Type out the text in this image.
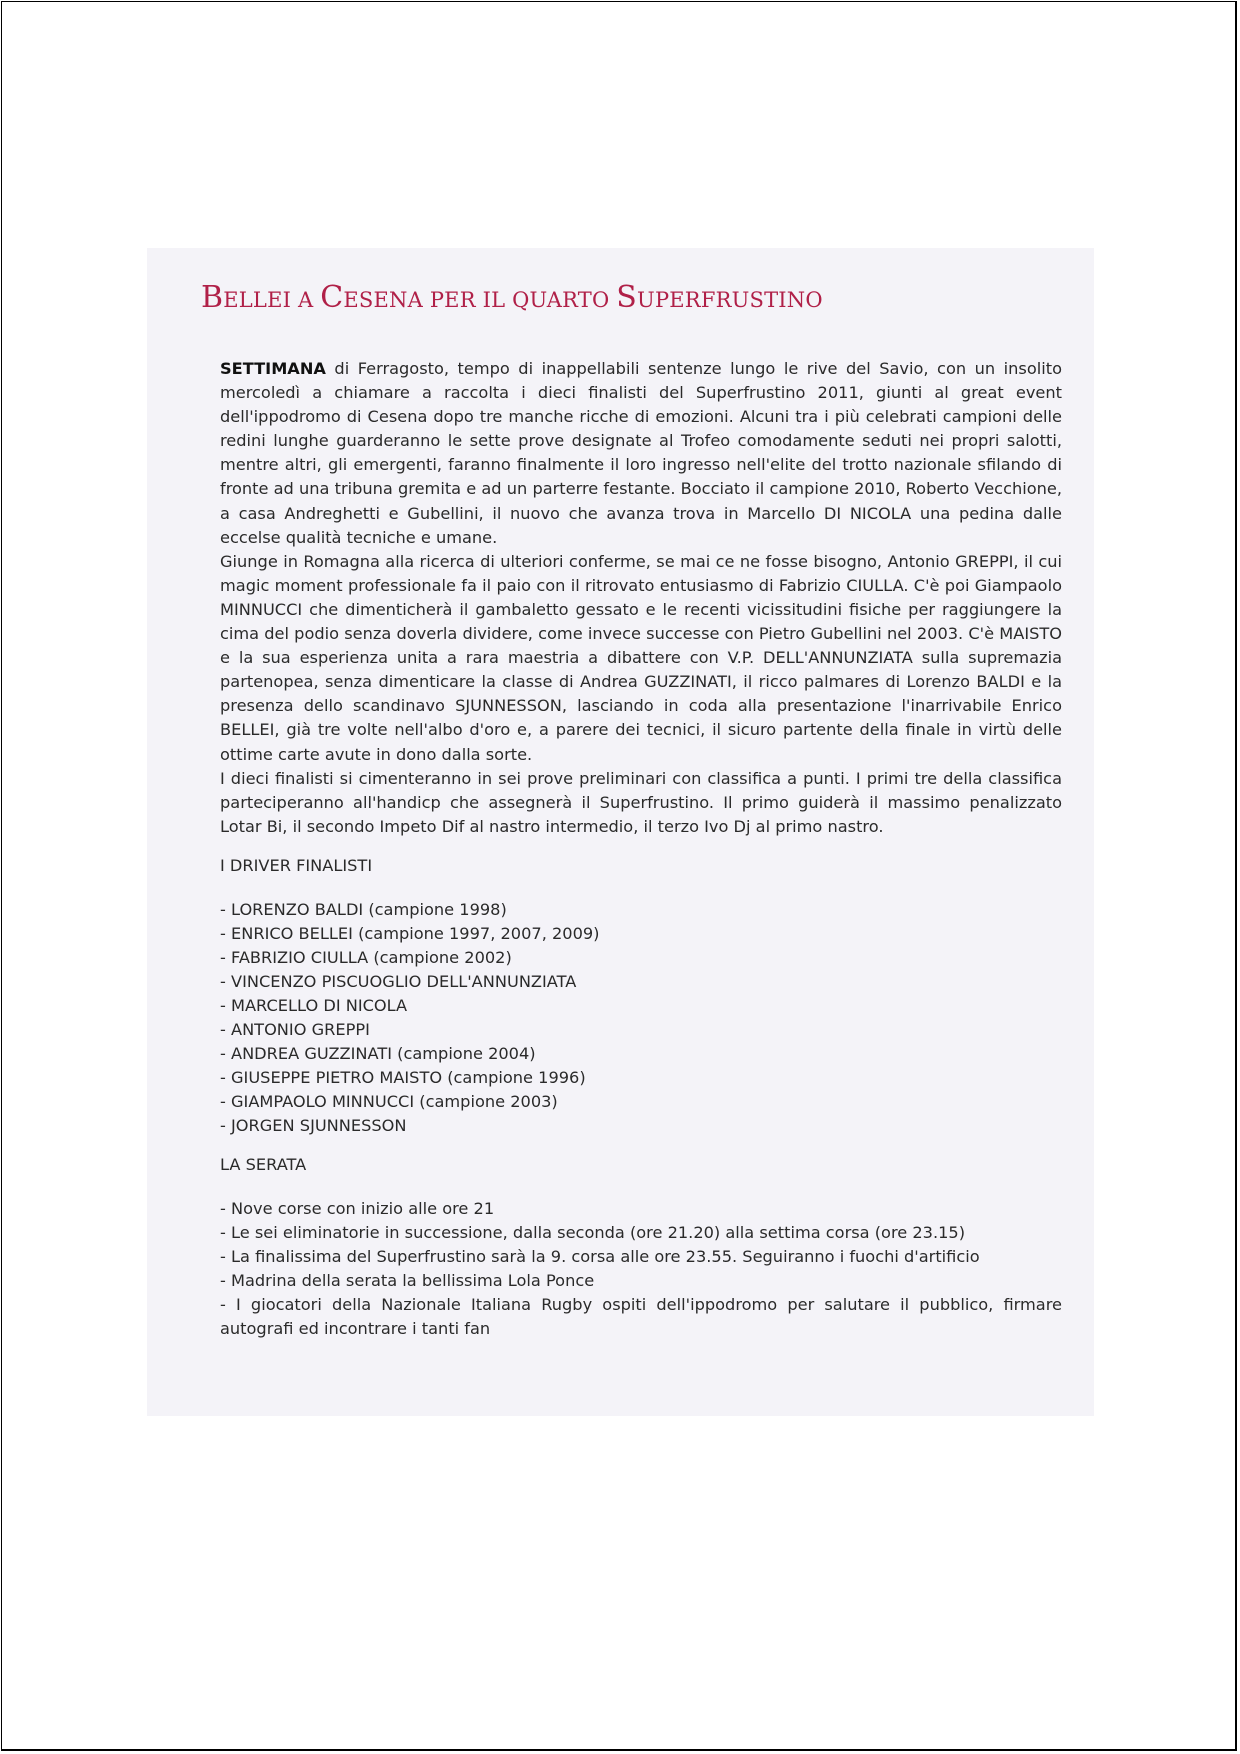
BELLEI A CESENA PER IL QUARTO SUPERFRUSTINO

SETTIMANA di Ferragosto, tempo di inappellabili sentenze lungo le rive del Savio, con un insolito mercoledì a chiamare a raccolta i dieci finalisti del Superfrustino 2011, giunti al great event dell'ippodromo di Cesena dopo tre manche ricche di emozioni. Alcuni tra i più celebrati campioni delle redini lunghe guarderanno le sette prove designate al Trofeo comodamente seduti nei propri salotti, mentre altri, gli emergenti, faranno finalmente il loro ingresso nell'elite del trotto nazionale sfilando di fronte ad una tribuna gremita e ad un parterre festante. Bocciato il campione 2010, Roberto Vecchione, a casa Andreghetti e Gubellini, il nuovo che avanza trova in Marcello DI NICOLA una pedina dalle eccelse qualità tecniche e umane.

Giunge in Romagna alla ricerca di ulteriori conferme, se mai ce ne fosse bisogno, Antonio GREPPI, il cui magic moment professionale fa il paio con il ritrovato entusiasmo di Fabrizio CIULLA. C'è poi Giampaolo MINNUCCI che dimenticherà il gambaletto gessato e le recenti vicissitudini fisiche per raggiungere la cima del podio senza doverla dividere, come invece successe con Pietro Gubellini nel 2003. C'è MAISTO e la sua esperienza unita a rara maestria a dibattere con V.P. DELL'ANNUNZIATA sulla supremazia partenopea, senza dimenticare la classe di Andrea GUZZINATI, il ricco palmares di Lorenzo BALDI e la presenza dello scandinavo SJUNNESSON, lasciando in coda alla presentazione l'inarrivabile Enrico BELLEI, già tre volte nell'albo d'oro e, a parere dei tecnici, il sicuro partente della finale in virtù delle ottime carte avute in dono dalla sorte.

I dieci finalisti si cimenteranno in sei prove preliminari con classifica a punti. I primi tre della classifica parteciperanno all'handicp che assegnerà il Superfrustino. Il primo guiderà il massimo penalizzato Lotar Bi, il secondo Impeto Dif al nastro intermedio, il terzo Ivo Dj al primo nastro.

I DRIVER FINALISTI
- LORENZO BALDI (campione 1998)
- ENRICO BELLEI (campione 1997, 2007, 2009)
- FABRIZIO CIULLA (campione 2002)
- VINCENZO PISCUOGLIO DELL'ANNUNZIATA
- MARCELLO DI NICOLA
- ANTONIO GREPPI
- ANDREA GUZZINATI (campione 2004)
- GIUSEPPE PIETRO MAISTO (campione 1996)
- GIAMPAOLO MINNUCCI (campione 2003)
- JORGEN SJUNNESSON
LA SERATA
- Nove corse con inizio alle ore 21
- Le sei eliminatorie in successione, dalla seconda (ore 21.20) alla settima corsa (ore 23.15)
- La finalissima del Superfrustino sarà la 9. corsa alle ore 23.55. Seguiranno i fuochi d'artificio
- Madrina della serata la bellissima Lola Ponce
- I giocatori della Nazionale Italiana Rugby ospiti dell'ippodromo per salutare il pubblico, firmare autografi ed incontrare i tanti fan
